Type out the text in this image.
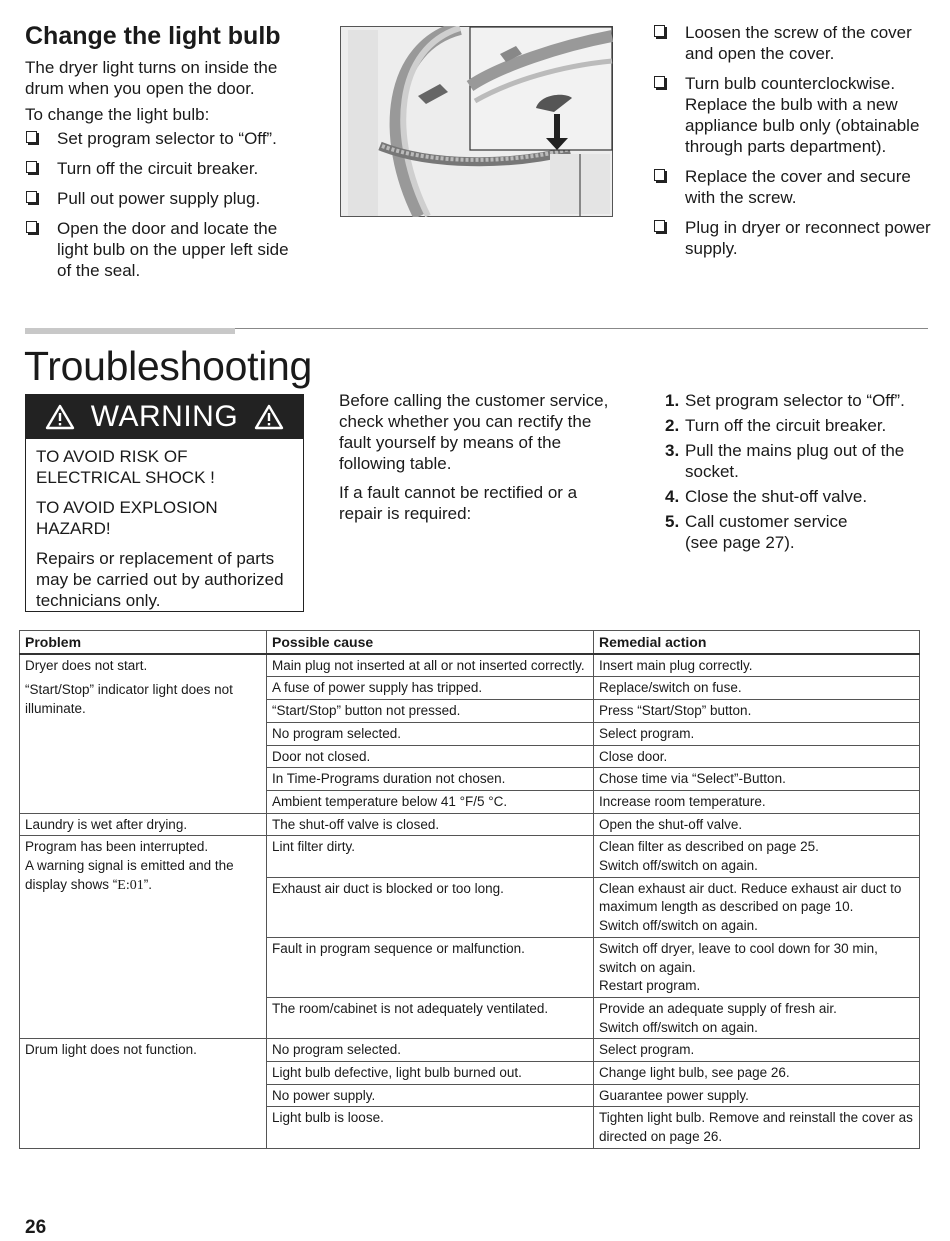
Change the light bulb

The dryer light turns on inside the drum when you open the door.

To change the light bulb:

Set program selector to “Off”.
Turn off the circuit breaker.
Pull out power supply plug.
Open the door and locate the light bulb on the upper left side of the seal.
Loosen the screw of the cover and open the cover.
Turn bulb counterclockwise. Replace the bulb with a new appliance bulb only (obtainable through parts department).
Replace the cover and secure with the screw.
Plug in dryer or reconnect power supply.
Troubleshooting
WARNING

TO AVOID RISK OF ELECTRICAL SHOCK !

TO AVOID EXPLOSION HAZARD!

Repairs or replacement of parts may be carried out by authorized technicians only.

Before calling the customer service, check whether you can rectify the fault yourself by means of the following table.

If a fault cannot be rectified or a repair is required:

1. Set program selector to “Off”.
2. Turn off the circuit breaker.
3. Pull the mains plug out of the socket.
4. Close the shut-off valve.
5. Call customer service (see page 27).
Problem	Possible cause	Remedial action

Dryer does not start.
“Start/Stop” indicator light does not illuminate.	Main plug not inserted at all or not inserted correctly.	Insert main plug correctly.
	A fuse of power supply has tripped.	Replace/switch on fuse.
	“Start/Stop” button not pressed.	Press “Start/Stop” button.
	No program selected.	Select program.
	Door not closed.	Close door.
	In Time-Programs duration not chosen.	Chose time via “Select”-Button.
	Ambient temperature below 41 °F/5 °C.	Increase room temperature.
Laundry is wet after drying.	The shut-off valve is closed.	Open the shut-off valve.

Program has been interrupted.
A warning signal is emitted and the display shows “E:01”.	Lint filter dirty.	Clean filter as described on page 25.
Switch off/switch on again.

	Exhaust air duct is blocked or too long.	Clean exhaust air duct. Reduce exhaust air duct to maximum length as described on page 10.
Switch off/switch on again.

	Fault in program sequence or malfunction.	Switch off dryer, leave to cool down for 30 min, switch on again.
Restart program.

	The room/cabinet is not adequately ventilated.	Provide an adequate supply of fresh air.
Switch off/switch on again.

Drum light does not function.	No program selected.	Select program.
	Light bulb defective, light bulb burned out.	Change light bulb, see page 26.
	No power supply.	Guarantee power supply.
	Light bulb is loose.	Tighten light bulb. Remove and reinstall the cover as directed on page 26.
26
